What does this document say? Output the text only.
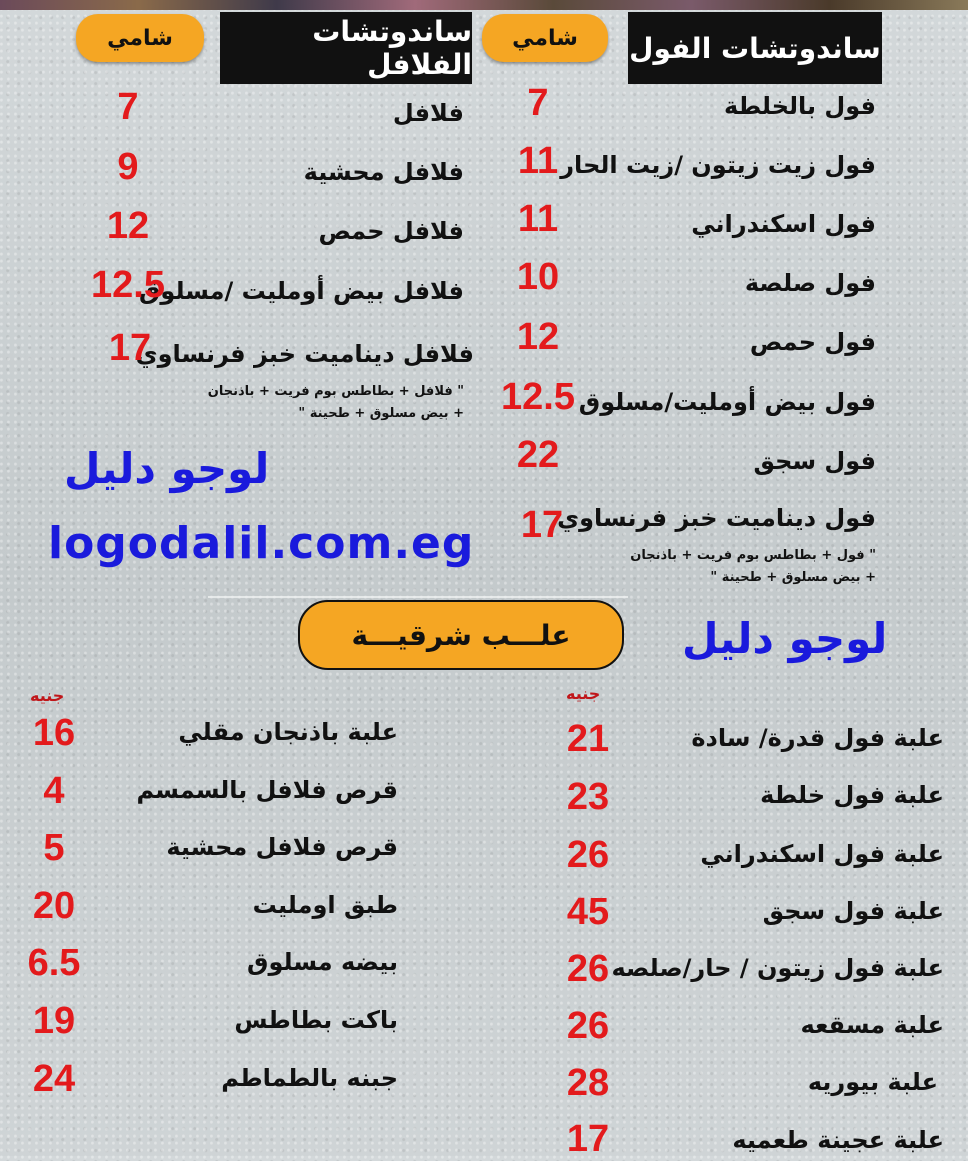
ساندوتشات الفول
شامي
ساندوتشات الفلافل
شامي
فول بالخلطة
7
فول زيت زيتون /زيت الحار
11
فول اسكندراني
11
فول صلصة
10
فول حمص
12
فول بيض أومليت/مسلوق
12.5
فول سجق
22
فول ديناميت خبز فرنساوي
17
" فول + بطاطس بوم فريت + باذنجان
+ بيض مسلوق + طحينة "
فلافل
7
فلافل محشية
9
فلافل حمص
12
فلافل بيض أومليت /مسلوق
12.5
فلافل ديناميت خبز فرنساوي
17
" فلافل + بطاطس بوم فريت + باذنجان
+ بيض مسلوق + طحينة "
لوجو دليل
logodalil.com.eg
لوجو دليل
علـــب شرقيـــة
جنيه
جنيه
علبة فول قدرة/ سادة
21
علبة فول خلطة
23
علبة فول اسكندراني
26
علبة فول سجق
45
علبة فول زيتون / حار/صلصه
26
علبة مسقعه
26
علبة بيوريه
28
علبة عجينة طعميه
17
علبة باذنجان مقلي
16
قرص فلافل بالسمسم
4
قرص فلافل محشية
5
طبق اومليت
20
بيضه مسلوق
6.5
باكت بطاطس
19
جبنه بالطماطم
24
